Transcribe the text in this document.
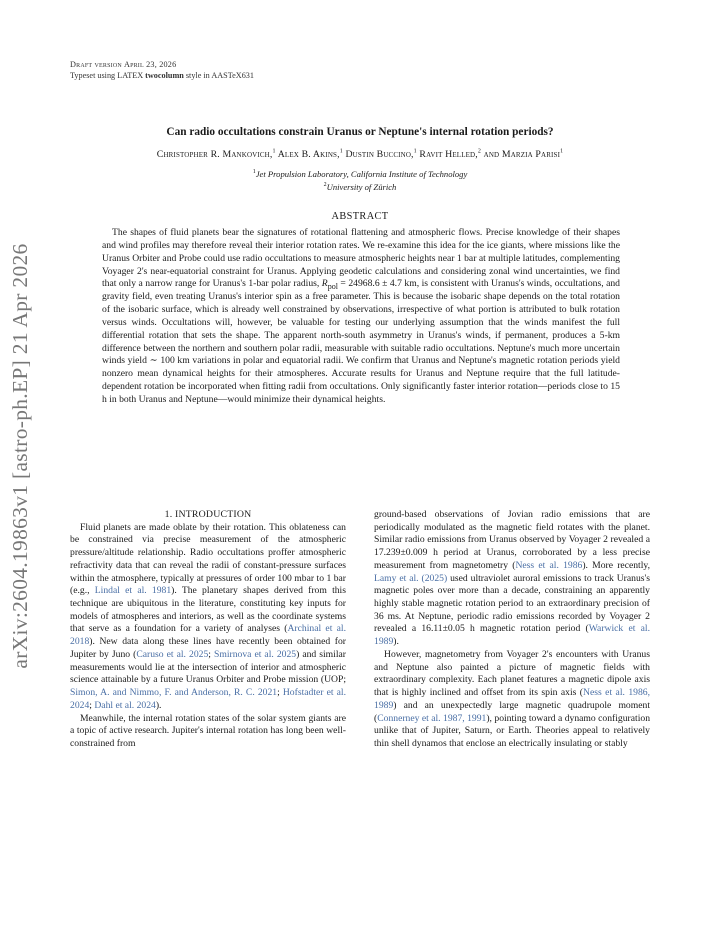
Draft version April 23, 2026
Typeset using LATEX twocolumn style in AASTeX631
arXiv:2604.19863v1 [astro-ph.EP] 21 Apr 2026
Can radio occultations constrain Uranus or Neptune's internal rotation periods?
Christopher R. Mankovich,$^1$ Alex B. Akins,$^1$ Dustin Buccino,$^1$ Ravit Helled,$^2$ and Marzia Parisi$^1$
$^1$Jet Propulsion Laboratory, California Institute of Technology
$^2$University of Zürich
ABSTRACT

The shapes of fluid planets bear the signatures of rotational flattening and atmospheric flows. Precise knowledge of their shapes and wind profiles may therefore reveal their interior rotation rates. We re-examine this idea for the ice giants, where missions like the Uranus Orbiter and Probe could use radio occultations to measure atmospheric heights near 1 bar at multiple latitudes, complementing Voyager 2's near-equatorial constraint for Uranus. Applying geodetic calculations and considering zonal wind uncertainties, we find that only a narrow range for Uranus's 1-bar polar radius, $R_{pol} = 24968.6 \pm 4.7$ km, is consistent with Uranus's winds, occultations, and gravity field, even treating Uranus's interior spin as a free parameter. This is because the isobaric shape depends on the total rotation of the isobaric surface, which is already well constrained by observations, irrespective of what portion is attributed to bulk rotation versus winds. Occultations will, however, be valuable for testing our underlying assumption that the winds manifest the full differential rotation that sets the shape. The apparent north-south asymmetry in Uranus's winds, if permanent, produces a 5-km difference between the northern and southern polar radii, measurable with suitable radio occultations. Neptune's much more uncertain winds yield ∼ 100 km variations in polar and equatorial radii. We confirm that Uranus and Neptune's magnetic rotation periods yield nonzero mean dynamical heights for their atmospheres. Accurate results for Uranus and Neptune require that the full latitude-dependent rotation be incorporated when fitting radii from occultations. Only significantly faster interior rotation—periods close to 15 h in both Uranus and Neptune—would minimize their dynamical heights.

1. INTRODUCTION

Fluid planets are made oblate by their rotation. This oblateness can be constrained via precise measurement of the atmospheric pressure/altitude relationship. Radio occultations proffer atmospheric refractivity data that can reveal the radii of constant-pressure surfaces within the atmosphere, typically at pressures of order 100 mbar to 1 bar (e.g., Lindal et al. 1981). The planetary shapes derived from this technique are ubiquitous in the literature, constituting key inputs for models of atmospheres and interiors, as well as the coordinate systems that serve as a foundation for a variety of analyses (Archinal et al. 2018). New data along these lines have recently been obtained for Jupiter by Juno (Caruso et al. 2025; Smirnova et al. 2025) and similar measurements would lie at the intersection of interior and atmospheric science attainable by a future Uranus Orbiter and Probe mission (UOP; Simon, A. and Nimmo, F. and Anderson, R. C. 2021; Hofstadter et al. 2024; Dahl et al. 2024).

Meanwhile, the internal rotation states of the solar system giants are a topic of active research. Jupiter's internal rotation has long been well-constrained from

ground-based observations of Jovian radio emissions that are periodically modulated as the magnetic field rotates with the planet. Similar radio emissions from Uranus observed by Voyager 2 revealed a 17.239±0.009 h period at Uranus, corroborated by a less precise measurement from magnetometry (Ness et al. 1986). More recently, Lamy et al. (2025) used ultraviolet auroral emissions to track Uranus's magnetic poles over more than a decade, constraining an apparently highly stable magnetic rotation period to an extraordinary precision of 36 ms. At Neptune, periodic radio emissions recorded by Voyager 2 revealed a 16.11±0.05 h magnetic rotation period (Warwick et al. 1989).

However, magnetometry from Voyager 2's encounters with Uranus and Neptune also painted a picture of magnetic fields with extraordinary complexity. Each planet features a magnetic dipole axis that is highly inclined and offset from its spin axis (Ness et al. 1986, 1989) and an unexpectedly large magnetic quadrupole moment (Connerney et al. 1987, 1991), pointing toward a dynamo configuration unlike that of Jupiter, Saturn, or Earth. Theories appeal to relatively thin shell dynamos that enclose an electrically insulating or stably
